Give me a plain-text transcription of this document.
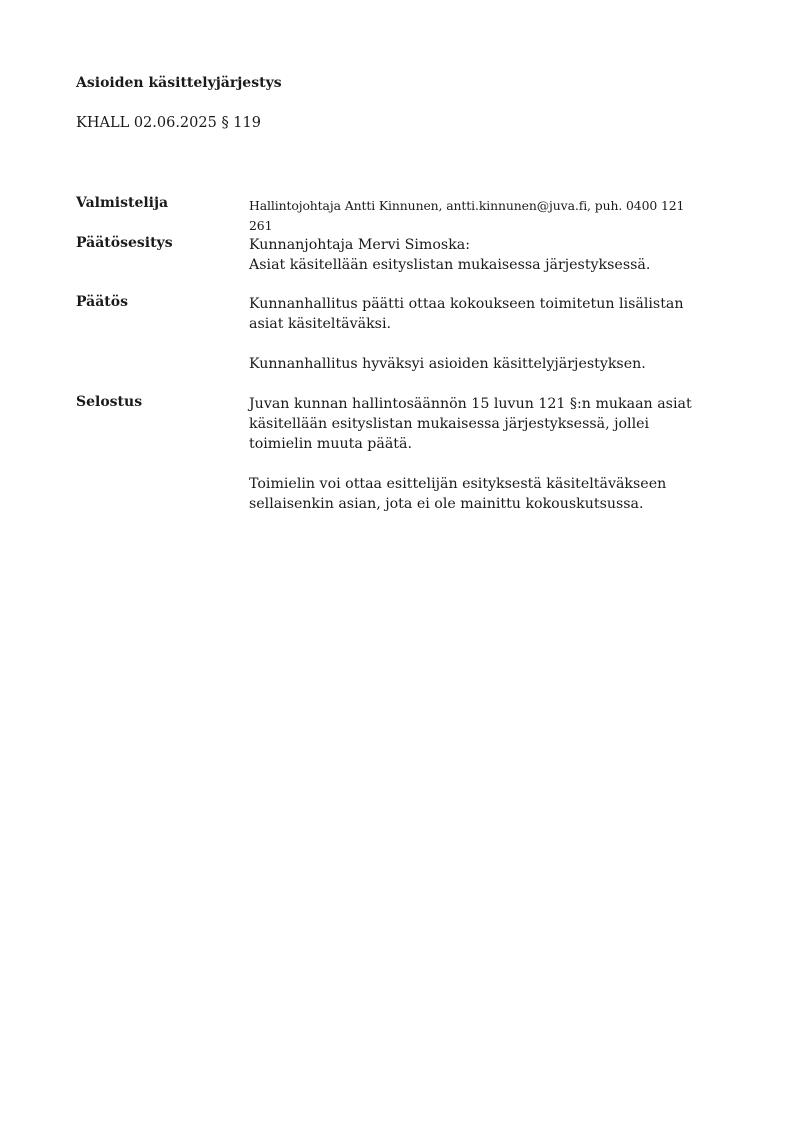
Asioiden käsittelyjärjestys
KHALL 02.06.2025 § 119
Valmistelija	Hallintojohtaja Antti Kinnunen, antti.kinnunen@juva.fi, puh. 0400 121 261

Päätösesitys	Kunnanjohtaja Mervi Simoska:
Asiat käsitellään esityslistan mukaisessa järjestyksessä.

Päätös	Kunnanhallitus päätti ottaa kokoukseen toimitetun lisälistan asiat käsiteltäväksi.

Kunnanhallitus hyväksyi asioiden käsittelyjärjestyksen.

Selostus	Juvan kunnan hallintosäännön 15 luvun 121 §:n mukaan asiat käsitellään esityslistan mukaisessa järjestyksessä, jollei toimielin muuta päätä.

Toimielin voi ottaa esittelijän esityksestä käsiteltäväkseen sellaisenkin asian, jota ei ole mainittu kokouskutsussa.
